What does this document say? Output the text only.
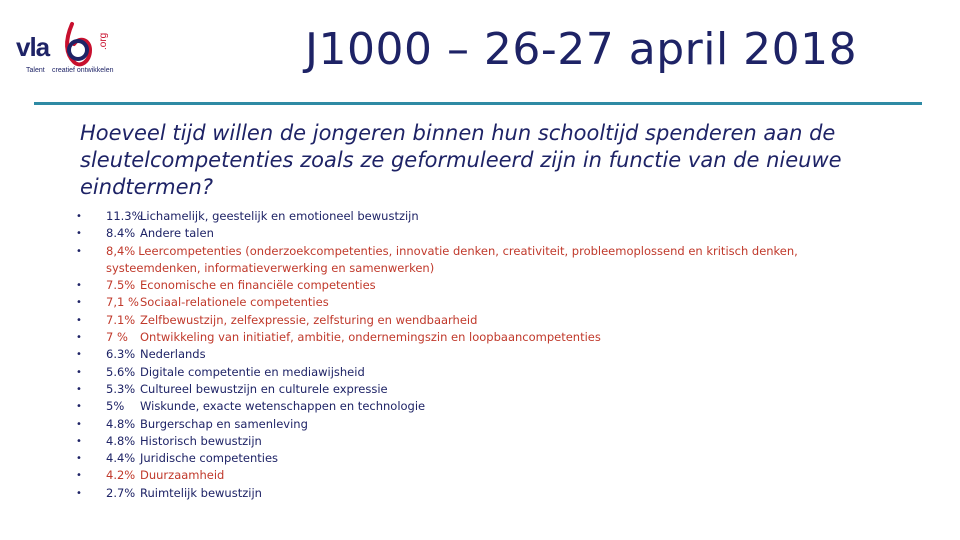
vla	.org
Talent creatief ontwikkelen	J1000 – 26-27 april 2018
Hoeveel tijd willen de jongeren binnen hun schooltijd spenderen aan de sleutelcompetenties zoals ze geformuleerd zijn in functie van de nieuwe eindtermen?
• 11.3%Lichamelijk, geestelijk en emotioneel bewustzijn
• 8.4% Andere talen
• 8,4% Leercompetenties (onderzoekcompetenties, innovatie denken, creativiteit, probleemoplossend en kritisch denken,
systeemdenken, informatieverwerking en samenwerken)
• 7.5% Economische en financiële competenties
• 7,1 %Sociaal-relationele competenties
• 7.1% Zelfbewustzijn, zelfexpressie, zelfsturing en wendbaarheid
• 7 % Ontwikkeling van initiatief, ambitie, ondernemingszin en loopbaancompetenties
• 6.3% Nederlands
• 5.6% Digitale competentie en mediawijsheid
• 5.3% Cultureel bewustzijn en culturele expressie
• 5% Wiskunde, exacte wetenschappen en technologie
• 4.8% Burgerschap en samenleving
• 4.8% Historisch bewustzijn
• 4.4% Juridische competenties
• 4.2% Duurzaamheid
• 2.7% Ruimtelijk bewustzijn
